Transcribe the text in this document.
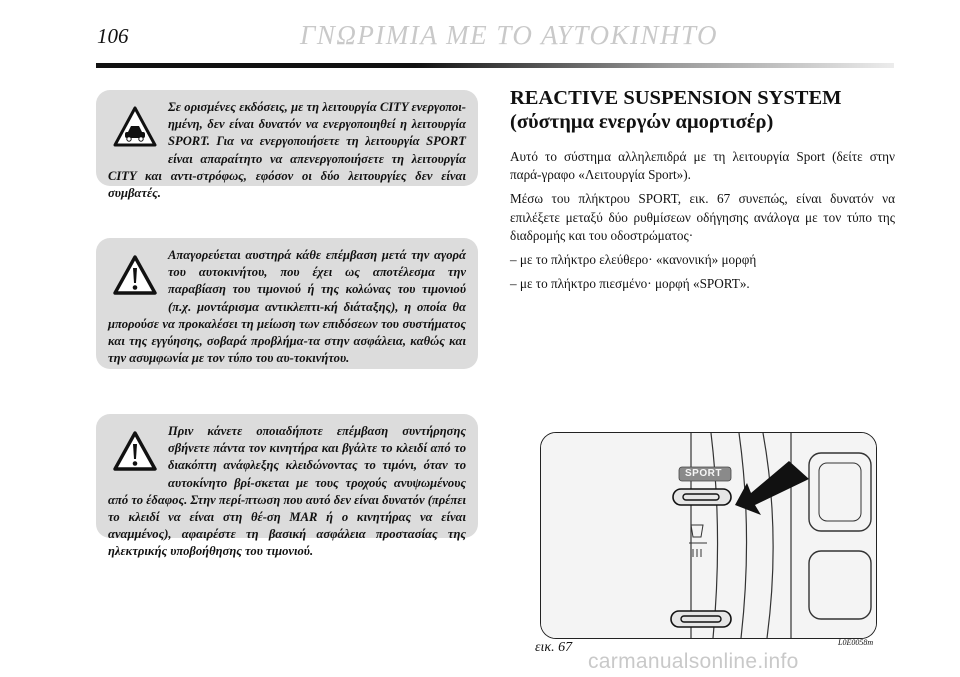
106	ΓΝΩΡΙΜΙΑ ΜΕ ΤΟ ΑΥΤΟΚΙΝΗΤΟ
Σε ορισμένες εκδόσεις, με τη λειτουργία CITY ενεργοποι-ημένη, δεν είναι δυνατόν να ενεργοποιηθεί η λειτουργία SPORT. Για να ενεργοποιήσετε τη λειτουργία SPORT είναι απαραίτητο να απενεργοποιήσετε τη λειτουργία CITY και αντι-στρόφως, εφόσον οι δύο λειτουργίες δεν είναι συμβατές.
Απαγορεύεται αυστηρά κάθε επέμβαση μετά την αγορά του αυτοκινήτου, που έχει ως αποτέλεσμα την παραβίαση του τιμονιού ή της κολώνας του τιμονιού (π.χ. μοντάρισμα αντικλεπτι-κή διάταξης), η οποία θα μπορούσε να προκαλέσει τη μείωση των επιδόσεων του συστήματος και της εγγύησης, σοβαρά προβλήμα-τα στην ασφάλεια, καθώς και την ασυμφωνία με τον τύπο του αυ-τοκινήτου.
Πριν κάνετε οποιαδήποτε επέμβαση συντήρησης σβήνετε πάντα τον κινητήρα και βγάλτε το κλειδί από το διακόπτη ανάφλεξης κλειδώνοντας το τιμόνι, όταν το αυτοκίνητο βρί-σκεται με τους τροχούς ανυψωμένους από το έδαφος. Στην περί-πτωση που αυτό δεν είναι δυνατόν (πρέπει το κλειδί να είναι στη θέ-ση MAR ή ο κινητήρας να είναι αναμμένος), αφαιρέστε τη βασική ασφάλεια προστασίας της ηλεκτρικής υποβοήθησης του τιμονιού.
REACTIVE SUSPENSION SYSTEM
(σύστημα ενεργών αμορτισέρ)

Αυτό το σύστημα αλληλεπιδρά με τη λειτουργία Sport (δείτε στην παρά-γραφο «Λειτουργία Sport»).

Μέσω του πλήκτρου SPORT, εικ. 67 συνεπώς, είναι δυνατόν να επιλέξετε μεταξύ δύο ρυθμίσεων οδήγησης ανάλογα με τον τύπο της διαδρομής και του οδοστρώματος·

– με το πλήκτρο ελεύθερο· «κανονική» μορφή

– με το πλήκτρο πιεσμένο· μορφή «SPORT».

SPORT
εικ. 67	L0E0058m
carmanualsonline.info
